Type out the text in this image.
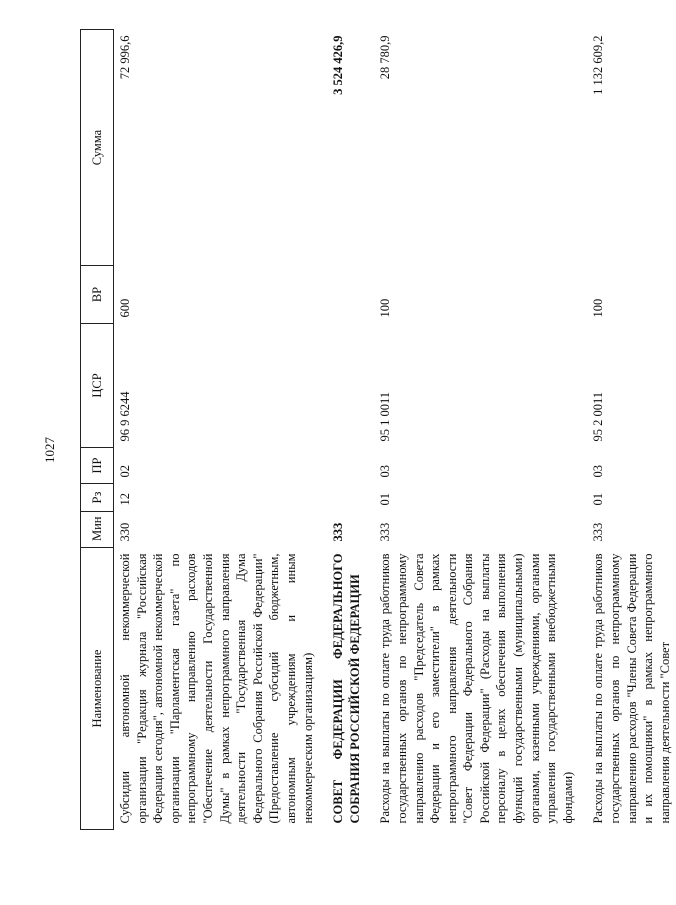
1027
Наименование	Мин	Рз	ПР	ЦСР	ВР	Сумма
Субсидии автономной некоммерческой организации "Редакция журнала "Российская Федерация сегодня", автономной некоммерческой организации "Парламентская газета" по непрограммному направлению расходов "Обеспечение деятельности Государственной Думы" в рамках непрограммного направления деятельности "Государственная Дума Федерального Собрания Российской Федерации" (Предоставление субсидий бюджетным, автономным учреждениям и иным некоммерческим организациям)	330	12	02	96 9 6244	600	72 996,6

СОВЕТ ФЕДЕРАЦИИ ФЕДЕРАЛЬНОГО СОБРАНИЯ РОССИЙСКОЙ ФЕДЕРАЦИИ	333					3 524 426,9

Расходы на выплаты по оплате труда работников государственных органов по непрограммному направлению расходов "Председатель Совета Федерации и его заместители" в рамках непрограммного направления деятельности "Совет Федерации Федерального Собрания Российской Федерации" (Расходы на выплаты персоналу в целях обеспечения выполнения функций государственными (муниципальными) органами, казенными учреждениями, органами управления государственными внебюджетными фондами)	333	01	03	95 1 0011	100	28 780,9

Расходы на выплаты по оплате труда работников государственных органов по непрограммному направлению расходов "Члены Совета Федерации и их помощники" в рамках непрограммного направления деятельности "Совет	333	01	03	95 2 0011	100	1 132 609,2
